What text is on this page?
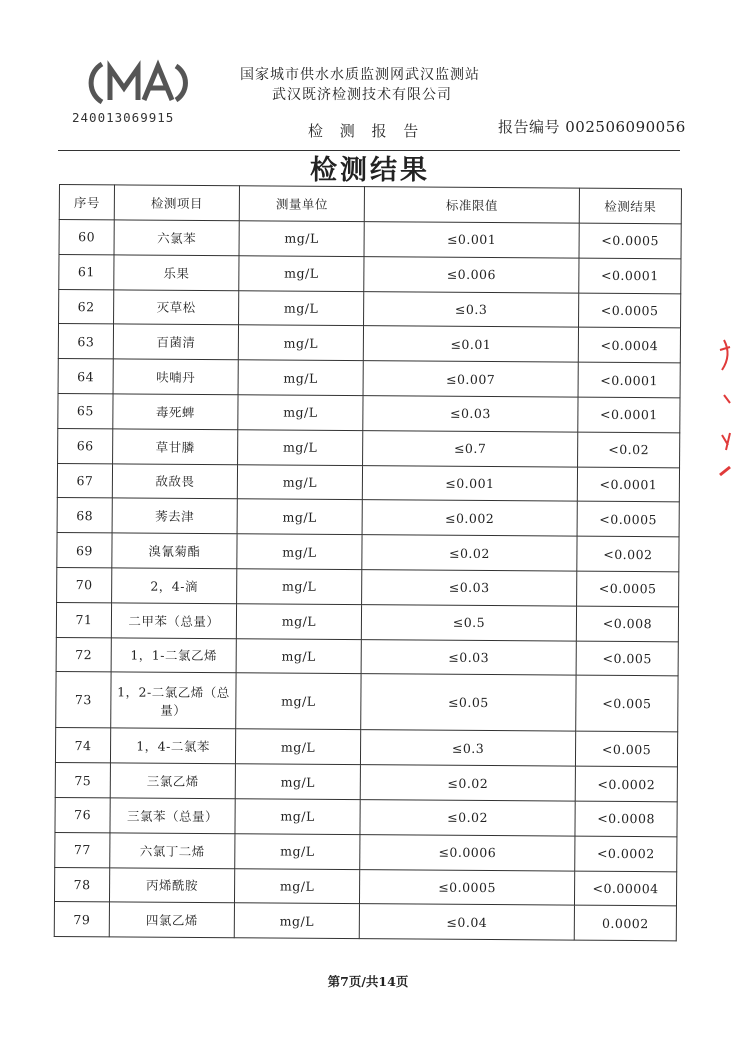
240013069915
国家城市供水水质监测网武汉监测站
武汉既济检测技术有限公司
检 测 报 告	报告编号 002506090056
检测结果
序号	检测项目	测量单位	标准限值	检测结果
60	六氯苯	mg/L	≤0.001	<0.0005
61	乐果	mg/L	≤0.006	<0.0001
62	灭草松	mg/L	≤0.3	<0.0005
63	百菌清	mg/L	≤0.01	<0.0004
64	呋喃丹	mg/L	≤0.007	<0.0001
65	毒死蜱	mg/L	≤0.03	<0.0001
66	草甘膦	mg/L	≤0.7	<0.02
67	敌敌畏	mg/L	≤0.001	<0.0001
68	莠去津	mg/L	≤0.002	<0.0005
69	溴氰菊酯	mg/L	≤0.02	<0.002
70	2，4-滴	mg/L	≤0.03	<0.0005
71	二甲苯（总量）	mg/L	≤0.5	<0.008
72	1，1-二氯乙烯	mg/L	≤0.03	<0.005
73	1，2-二氯乙烯（总量）	mg/L	≤0.05	<0.005
74	1，4-二氯苯	mg/L	≤0.3	<0.005
75	三氯乙烯	mg/L	≤0.02	<0.0002
76	三氯苯（总量）	mg/L	≤0.02	<0.0008
77	六氯丁二烯	mg/L	≤0.0006	<0.0002
78	丙烯酰胺	mg/L	≤0.0005	<0.00004
79	四氯乙烯	mg/L	≤0.04	0.0002
第7页/共14页
